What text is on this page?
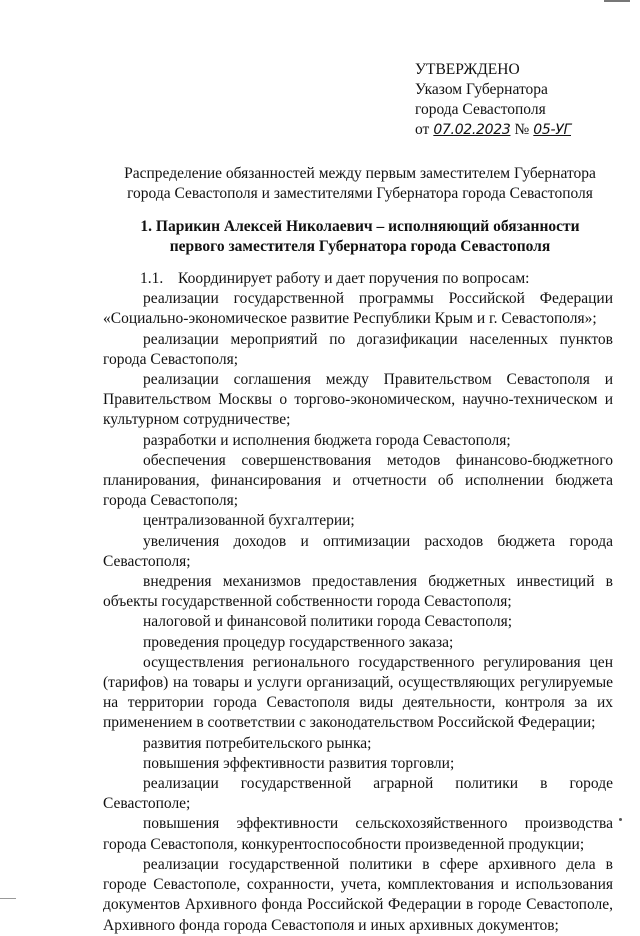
УТВЕРЖДЕНО
Указом Губернатора
города Севастополя
от 07.02.2023 № 05-УГ
Распределение обязанностей между первым заместителем Губернатора
города Севастополя и заместителями Губернатора города Севастополя
1. Парикин Алексей Николаевич – исполняющий обязанности
первого заместителя Губернатора города Севастополя

1.1. Координирует работу и дает поручения по вопросам:

реализации государственной программы Российской Федерации «Социально-экономическое развитие Республики Крым и г. Севастополя»;

реализации мероприятий по догазификации населенных пунктов города Севастополя;

реализации соглашения между Правительством Севастополя и Правительством Москвы о торгово-экономическом, научно-техническом и культурном сотрудничестве;

разработки и исполнения бюджета города Севастополя;

обеспечения совершенствования методов финансово-бюджетного планирования, финансирования и отчетности об исполнении бюджета города Севастополя;

централизованной бухгалтерии;

увеличения доходов и оптимизации расходов бюджета города Севастополя;

внедрения механизмов предоставления бюджетных инвестиций в объекты государственной собственности города Севастополя;

налоговой и финансовой политики города Севастополя;

проведения процедур государственного заказа;

осуществления регионального государственного регулирования цен (тарифов) на товары и услуги организаций, осуществляющих регулируемые на территории города Севастополя виды деятельности, контроля за их применением в соответствии с законодательством Российской Федерации;

развития потребительского рынка;

повышения эффективности развития торговли;

реализации государственной аграрной политики в городе Севастополе;

повышения эффективности сельскохозяйственного производства города Севастополя, конкурентоспособности произведенной продукции;

реализации государственной политики в сфере архивного дела в городе Севастополе, сохранности, учета, комплектования и использования документов Архивного фонда Российской Федерации в городе Севастополе, Архивного фонда города Севастополя и иных архивных документов;
